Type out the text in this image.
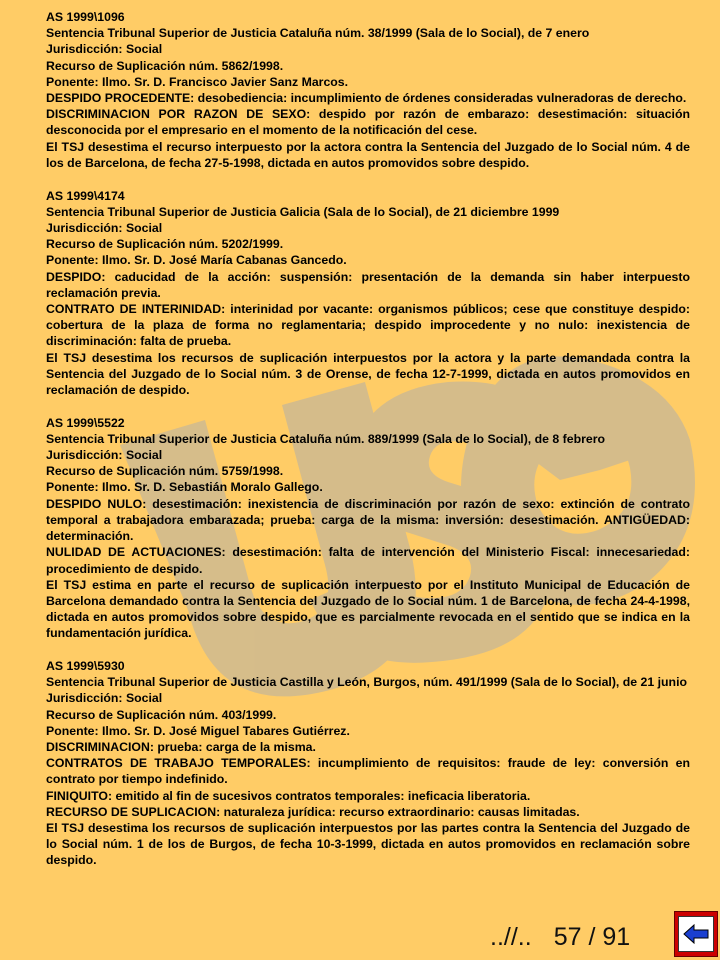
AS 1999\1096
Sentencia Tribunal Superior de Justicia Cataluña núm. 38/1999 (Sala de lo Social), de 7 enero
Jurisdicción: Social
Recurso de Suplicación núm. 5862/1998.
Ponente: Ilmo. Sr. D. Francisco Javier Sanz Marcos.
DESPIDO PROCEDENTE: desobediencia: incumplimiento de órdenes consideradas vulneradoras de derecho.
DISCRIMINACION POR RAZON DE SEXO: despido por razón de embarazo: desestimación: situación desconocida por el empresario en el momento de la notificación del cese.
El TSJ desestima el recurso interpuesto por la actora contra la Sentencia del Juzgado de lo Social núm. 4 de los de Barcelona, de fecha 27-5-1998, dictada en autos promovidos sobre despido.
AS 1999\4174
Sentencia Tribunal Superior de Justicia Galicia (Sala de lo Social), de 21 diciembre 1999
Jurisdicción: Social
Recurso de Suplicación núm. 5202/1999.
Ponente: Ilmo. Sr. D. José María Cabanas Gancedo.
DESPIDO: caducidad de la acción: suspensión: presentación de la demanda sin haber interpuesto reclamación previa.
CONTRATO DE INTERINIDAD: interinidad por vacante: organismos públicos; cese que constituye despido: cobertura de la plaza de forma no reglamentaria; despido improcedente y no nulo: inexistencia de discriminación: falta de prueba.
El TSJ desestima los recursos de suplicación interpuestos por la actora y la parte demandada contra la Sentencia del Juzgado de lo Social núm. 3 de Orense, de fecha 12-7-1999, dictada en autos promovidos en reclamación de despido.
AS 1999\5522
Sentencia Tribunal Superior de Justicia Cataluña núm. 889/1999 (Sala de lo Social), de 8 febrero
Jurisdicción: Social
Recurso de Suplicación núm. 5759/1998.
Ponente: Ilmo. Sr. D. Sebastián Moralo Gallego.
DESPIDO NULO: desestimación: inexistencia de discriminación por razón de sexo: extinción de contrato temporal a trabajadora embarazada; prueba: carga de la misma: inversión: desestimación. ANTIGÜEDAD: determinación.
NULIDAD DE ACTUACIONES: desestimación: falta de intervención del Ministerio Fiscal: innecesariedad: procedimiento de despido.
El TSJ estima en parte el recurso de suplicación interpuesto por el Instituto Municipal de Educación de Barcelona demandado contra la Sentencia del Juzgado de lo Social núm. 1 de Barcelona, de fecha 24-4-1998, dictada en autos promovidos sobre despido, que es parcialmente revocada en el sentido que se indica en la fundamentación jurídica.
AS 1999\5930
Sentencia Tribunal Superior de Justicia Castilla y León, Burgos, núm. 491/1999 (Sala de lo Social), de 21 junio
Jurisdicción: Social
Recurso de Suplicación núm. 403/1999.
Ponente: Ilmo. Sr. D. José Miguel Tabares Gutiérrez.
DISCRIMINACION: prueba: carga de la misma.
CONTRATOS DE TRABAJO TEMPORALES: incumplimiento de requisitos: fraude de ley: conversión en contrato por tiempo indefinido.
FINIQUITO: emitido al fin de sucesivos contratos temporales: ineficacia liberatoria.
RECURSO DE SUPLICACION: naturaleza jurídica: recurso extraordinario: causas limitadas.
El TSJ desestima los recursos de suplicación interpuestos por las partes contra la Sentencia del Juzgado de lo Social núm. 1 de los de Burgos, de fecha 10-3-1999, dictada en autos promovidos en reclamación sobre despido.
..//.. 57 / 91
